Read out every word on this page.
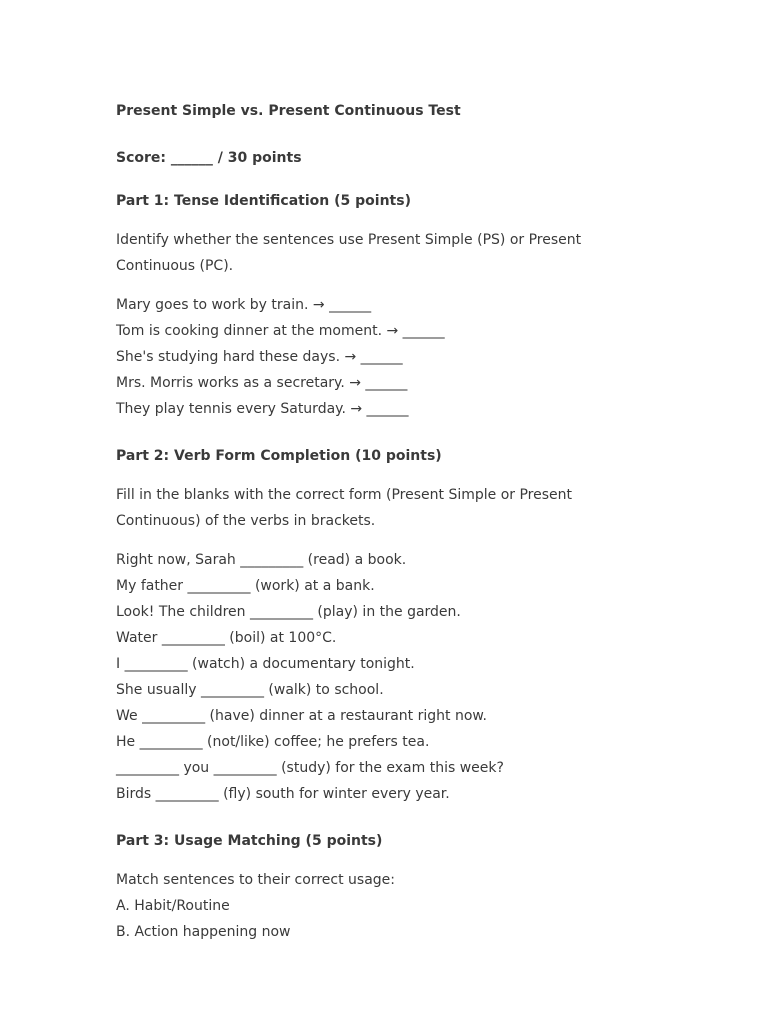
Present Simple vs. Present Continuous Test

Score: ______ / 30 points

Part 1: Tense Identification (5 points)

Identify whether the sentences use Present Simple (PS) or Present Continuous (PC).

Mary goes to work by train. → ______
Tom is cooking dinner at the moment. → ______
She's studying hard these days. → ______
Mrs. Morris works as a secretary. → ______
They play tennis every Saturday. → ______

Part 2: Verb Form Completion (10 points)

Fill in the blanks with the correct form (Present Simple or Present Continuous) of the verbs in brackets.

Right now, Sarah _________ (read) a book.
My father _________ (work) at a bank.
Look! The children _________ (play) in the garden.
Water _________ (boil) at 100°C.
I _________ (watch) a documentary tonight.
She usually _________ (walk) to school.
We _________ (have) dinner at a restaurant right now.
He _________ (not/like) coffee; he prefers tea.
_________ you _________ (study) for the exam this week?
Birds _________ (fly) south for winter every year.

Part 3: Usage Matching (5 points)

Match sentences to their correct usage:

A. Habit/Routine
B. Action happening now
